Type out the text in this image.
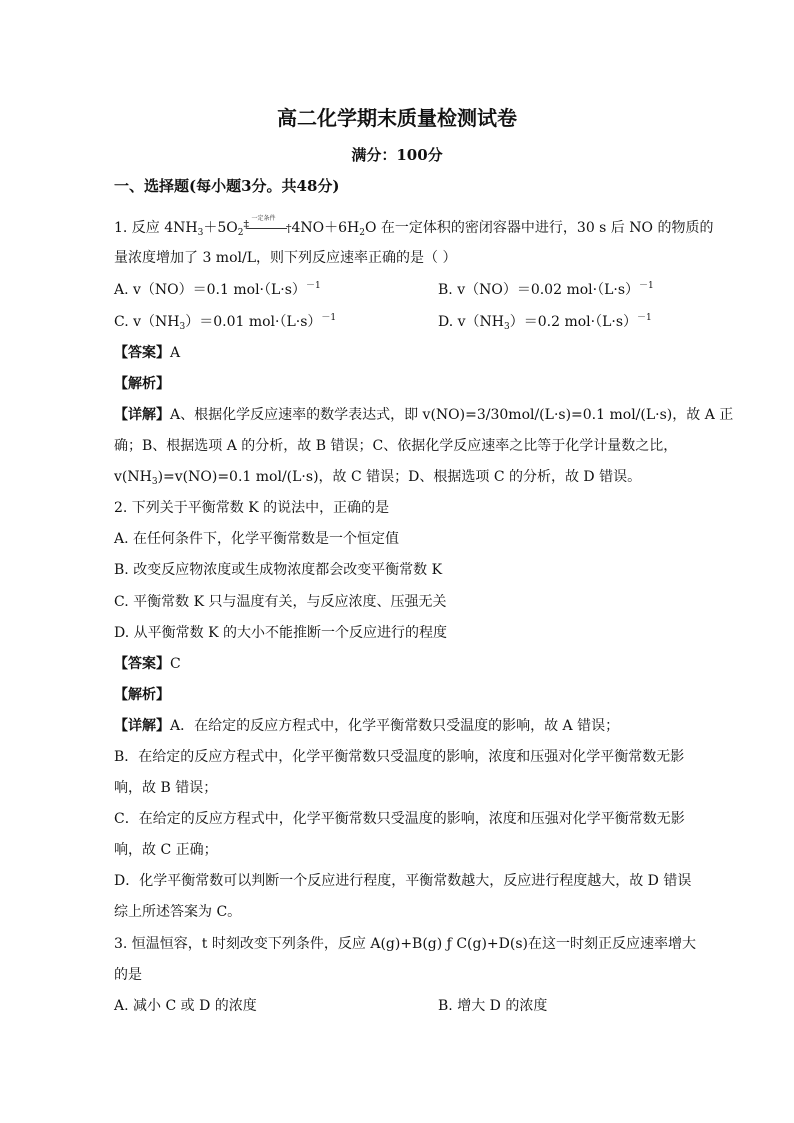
高二化学期末质量检测试卷
满分：100分
一、选择题(每小题3分。共48分)
1. 反应 $4NH_3+5O_2$
一定条件
‡	† $4NO+6H_2O$ 在一定体积的密闭容器中进行，30 s 后 NO 的物质的
量浓度增加了 3 mol/L，则下列反应速率正确的是（ ）
A. v（NO）＝0.1 $mol\cdot(L\cdot s)^{-1}$	B. v（NO）＝0.02 $mol\cdot(L\cdot s)^{-1}$
C. $v(NH_3)=0.01$ $mol\cdot(L\cdot s)^{-1}$	D. $v(NH_3)=0.2$ $mol\cdot(L\cdot s)^{-1}$
【答案】A
【解析】
【详解】A、根据化学反应速率的数学表达式，即 v(NO)=3/30mol/(L·s)=0.1 mol/(L·s)，故 A 正
确；B、根据选项 A 的分析，故 B 错误；C、依据化学反应速率之比等于化学计量数之比，
$v(NH_3)=v(NO)=0.1$ mol/(L·s)，故 C 错误；D、根据选项 C 的分析，故 D 错误。
2. 下列关于平衡常数 K 的说法中，正确的是
A. 在任何条件下，化学平衡常数是一个恒定值
B. 改变反应物浓度或生成物浓度都会改变平衡常数 K
C. 平衡常数 K 只与温度有关，与反应浓度、压强无关
D. 从平衡常数 K 的大小不能推断一个反应进行的程度
【答案】C
【解析】
【详解】A．在给定的反应方程式中，化学平衡常数只受温度的影响，故 A 错误；
B．在给定的反应方程式中，化学平衡常数只受温度的影响，浓度和压强对化学平衡常数无影
响，故 B 错误；
C．在给定的反应方程式中，化学平衡常数只受温度的影响，浓度和压强对化学平衡常数无影
响，故 C 正确；
D．化学平衡常数可以判断一个反应进行程度，平衡常数越大，反应进行程度越大，故 D 错误
综上所述答案为 C。
3. 恒温恒容，t 时刻改变下列条件，反应 A(g)+B(g) ƒ C(g)+D(s)在这一时刻正反应速率增大
的是
A. 减小 C 或 D 的浓度	B. 增大 D 的浓度
